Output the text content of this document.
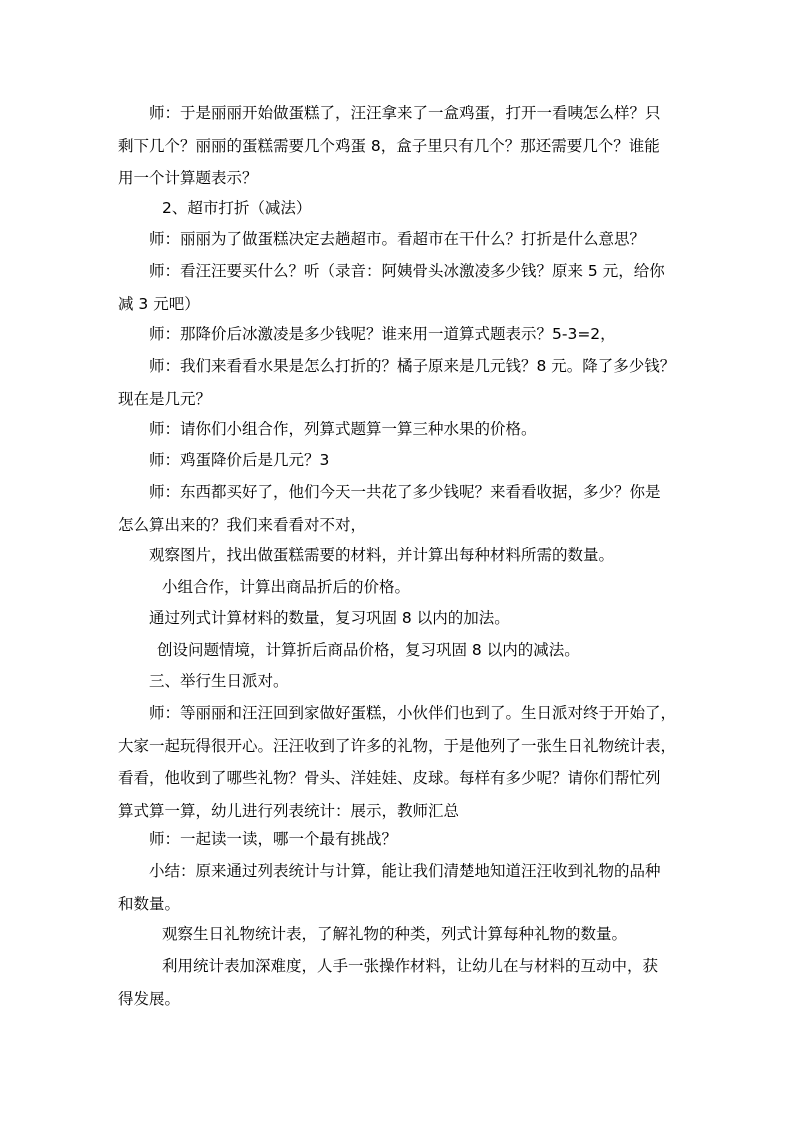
师：于是丽丽开始做蛋糕了，汪汪拿来了一盒鸡蛋，打开一看咦怎么样？只
剩下几个？丽丽的蛋糕需要几个鸡蛋 8，盒子里只有几个？那还需要几个？谁能
用一个计算题表示？

2、超市打折（减法）

师：丽丽为了做蛋糕决定去趟超市。看超市在干什么？打折是什么意思？

师：看汪汪要买什么？听（录音：阿姨骨头冰激凌多少钱？原来 5 元，给你
减 3 元吧）

师：那降价后冰激凌是多少钱呢？谁来用一道算式题表示？5-3=2，

师：我们来看看水果是怎么打折的？橘子原来是几元钱？8 元。降了多少钱？
现在是几元？

师：请你们小组合作，列算式题算一算三种水果的价格。

师：鸡蛋降价后是几元？3

师：东西都买好了，他们今天一共花了多少钱呢？来看看收据，多少？你是
怎么算出来的？我们来看看对不对，

观察图片，找出做蛋糕需要的材料，并计算出每种材料所需的数量。

小组合作，计算出商品折后的价格。

通过列式计算材料的数量，复习巩固 8 以内的加法。

创设问题情境，计算折后商品价格，复习巩固 8 以内的减法。

三、举行生日派对。

师：等丽丽和汪汪回到家做好蛋糕，小伙伴们也到了。生日派对终于开始了，
大家一起玩得很开心。汪汪收到了许多的礼物，于是他列了一张生日礼物统计表，
看看，他收到了哪些礼物？骨头、洋娃娃、皮球。每样有多少呢？请你们帮忙列
算式算一算，幼儿进行列表统计：展示，教师汇总

师：一起读一读，哪一个最有挑战？

小结：原来通过列表统计与计算，能让我们清楚地知道汪汪收到礼物的品种
和数量。

观察生日礼物统计表，了解礼物的种类，列式计算每种礼物的数量。

利用统计表加深难度，人手一张操作材料，让幼儿在与材料的互动中，获
得发展。
